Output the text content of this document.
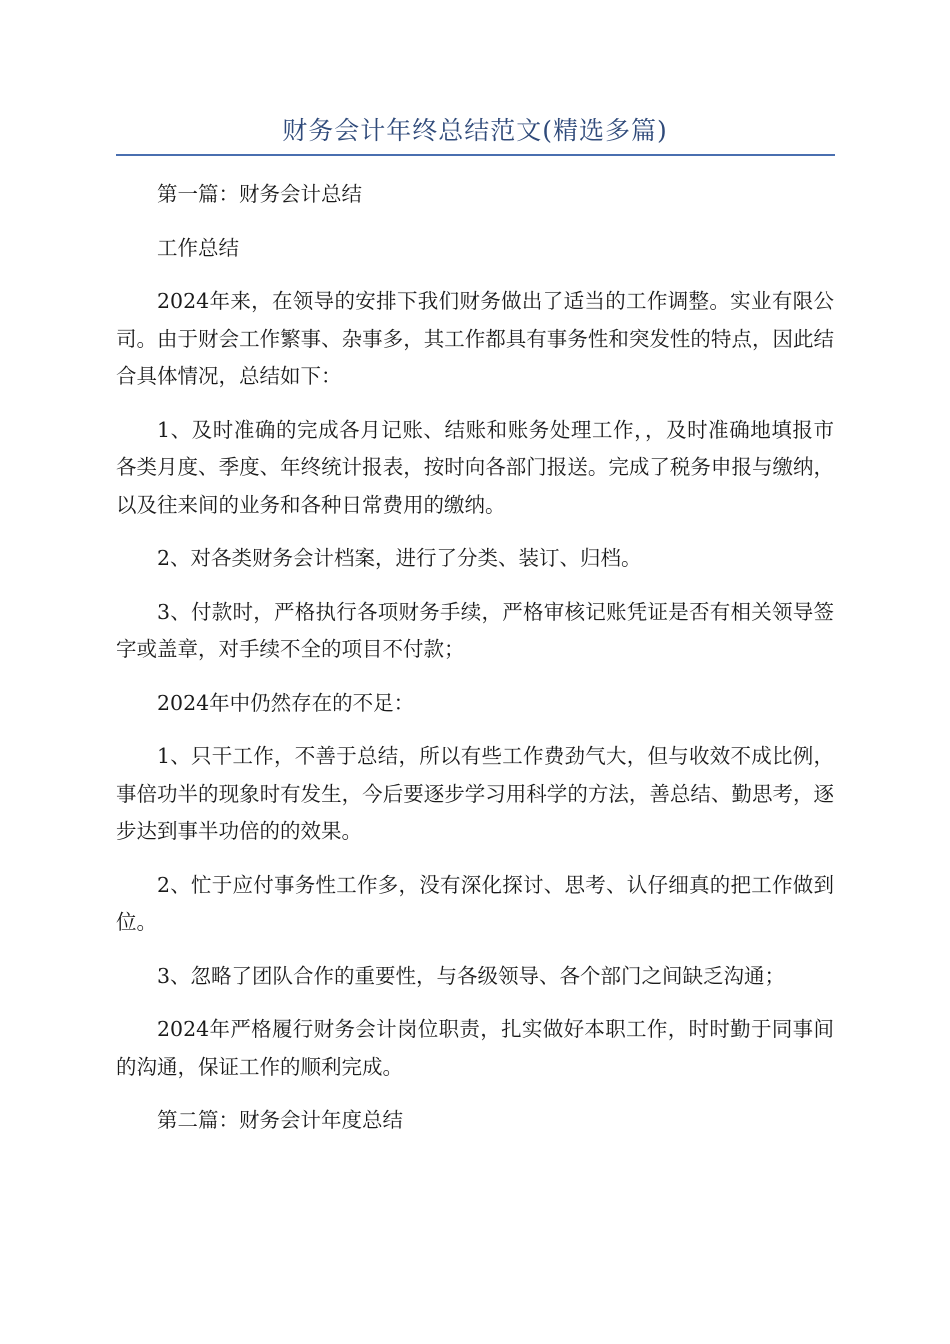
财务会计年终总结范文(精选多篇)

第一篇：财务会计总结

工作总结

2024年来，在领导的安排下我们财务做出了适当的工作调整。实业有限公司。由于财会工作繁事、杂事多，其工作都具有事务性和突发性的特点，因此结合具体情况，总结如下：

1、及时准确的完成各月记账、结账和账务处理工作，，及时准确地填报市各类月度、季度、年终统计报表，按时向各部门报送。完成了税务申报与缴纳，以及往来间的业务和各种日常费用的缴纳。

2、对各类财务会计档案，进行了分类、装订、归档。

3、付款时，严格执行各项财务手续，严格审核记账凭证是否有相关领导签字或盖章，对手续不全的项目不付款；

2024年中仍然存在的不足：

1、只干工作，不善于总结，所以有些工作费劲气大，但与收效不成比例，事倍功半的现象时有发生，今后要逐步学习用科学的方法，善总结、勤思考，逐步达到事半功倍的的效果。

2、忙于应付事务性工作多，没有深化探讨、思考、认仔细真的把工作做到位。

3、忽略了团队合作的重要性，与各级领导、各个部门之间缺乏沟通；

2024年严格履行财务会计岗位职责，扎实做好本职工作，时时勤于同事间的沟通，保证工作的顺利完成。

第二篇：财务会计年度总结
